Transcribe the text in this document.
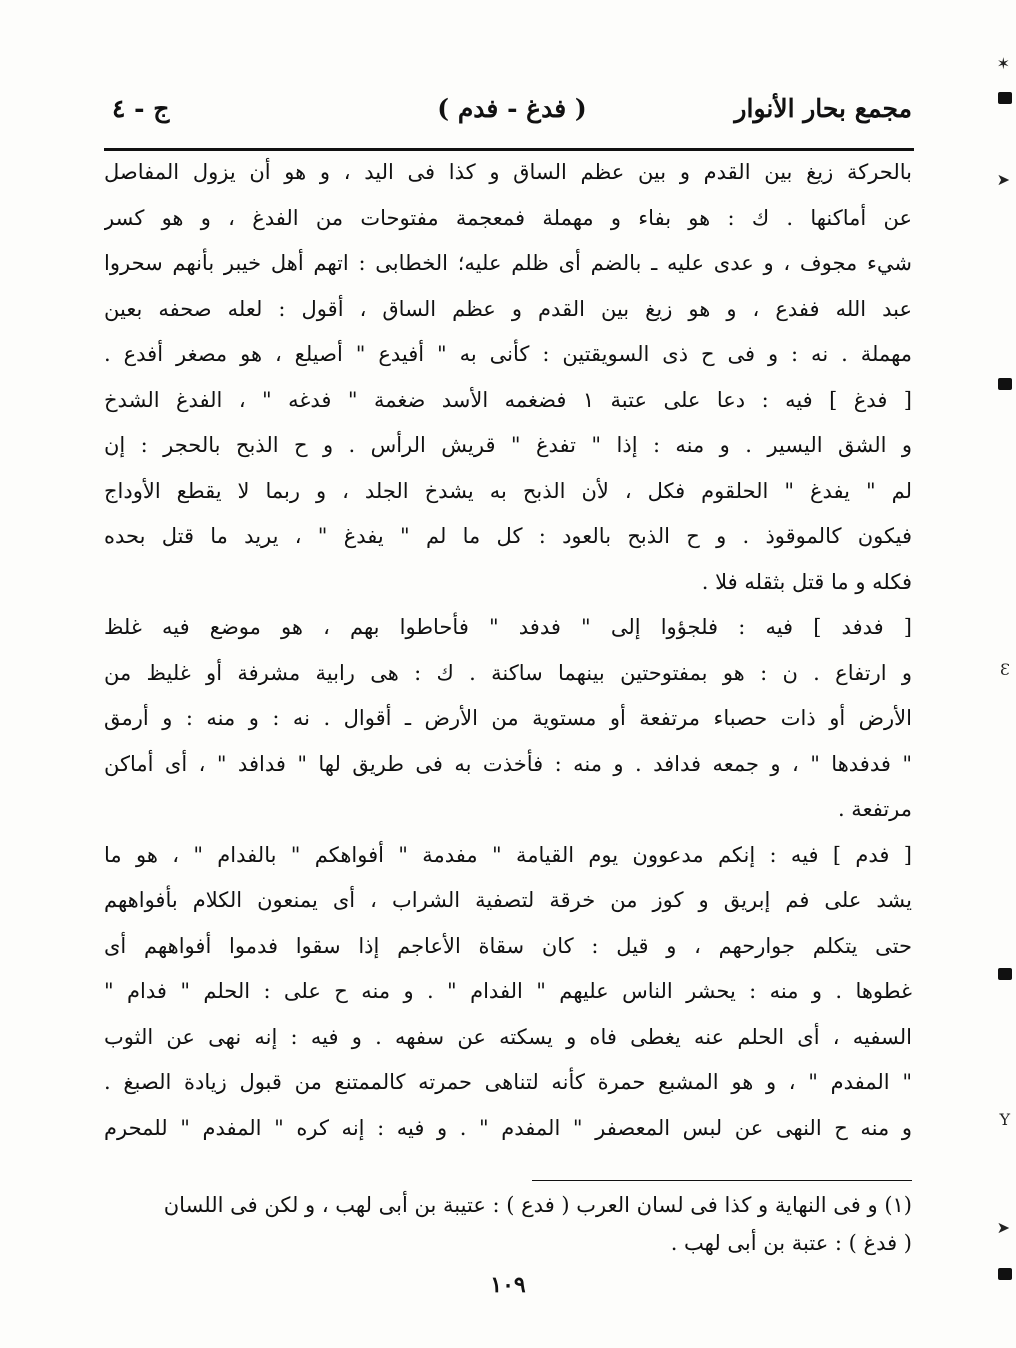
مجمع بحار الأنوار
( فدغ - فدم )
ج - ٤
بالحركة زيغ بين القدم و بين عظم الساق و كذا فى اليد ، و هو أن يزول المفاصل
عن أماكنها . ك : هو بفاء و مهملة فمعجمة مفتوحات من الفدغ ، و هو كسر
شيء مجوف ، و عدى عليه ـ بالضم أى ظلم عليه؛ الخطابى : اتهم أهل خيبر بأنهم سحروا
عبد الله ففدع ، و هو زيغ بين القدم و عظم الساق ، أقول : لعله صحفه بعين
مهملة . نه : و فى ح ذى السويقتين : كأنى به " أفيدع " أصيلع ، هو مصغر أفدع .
[ فدغ ] فيه : دعا على عتبة ١ فضغمه الأسد ضغمة " فدغه " ، الفدغ الشدخ
و الشق اليسير . و منه : إذا " تفدغ " قريش الرأس . و ح الذبح بالحجر : إن
لم " يفدغ " الحلقوم فكل ، لأن الذبح به يشدخ الجلد ، و ربما لا يقطع الأوداج
فيكون كالموقوذ . و ح الذبح بالعود : كل ما لم " يفدغ " ، يريد ما قتل بحده
فكله و ما قتل بثقله فلا .
[ فدفد ] فيه : فلجؤوا إلى " فدفد " فأحاطوا بهم ، هو موضع فيه غلظ
و ارتفاع . ن : هو بمفتوحتين بينهما ساكنة . ك : هى رابية مشرفة أو غليظ من
الأرض أو ذات حصباء مرتفعة أو مستوية من الأرض ـ أقوال . نه : و منه : و أرمق
" فدفدها " ، و جمعه فدافد . و منه : فأخذت به فى طريق لها " فدافد " ، أى أماكن
مرتفعة .
[ فدم ] فيه : إنكم مدعوون يوم القيامة " مفدمة " أفواهكم " بالفدام " ، هو ما
يشد على فم إبريق و كوز من خرقة لتصفية الشراب ، أى يمنعون الكلام بأفواههم
حتى يتكلم جوارحهم ، و قيل : كان سقاة الأعاجم إذا سقوا فدموا أفواههم أى
غطوها . و منه : يحشر الناس عليهم " الفدام " . و منه ح على : الحلم " فدام "
السفيه ، أى الحلم عنه يغطى فاه و يسكته عن سفهه . و فيه : إنه نهى عن الثوب
" المفدم " ، و هو المشبع حمرة كأنه لتناهى حمرته كالممتنع من قبول زيادة الصبغ .
و منه ح النهى عن لبس المعصفر " المفدم " . و فيه : إنه كره " المفدم " للمحرم
(١) و فى النهاية و كذا فى لسان العرب ( فدع ) : عتيبة بن أبى لهب ، و لكن فى اللسان
( فدغ ) : عتبة بن أبى لهب .
١٠٩
✶
➤
Ɛ
Y
➤
